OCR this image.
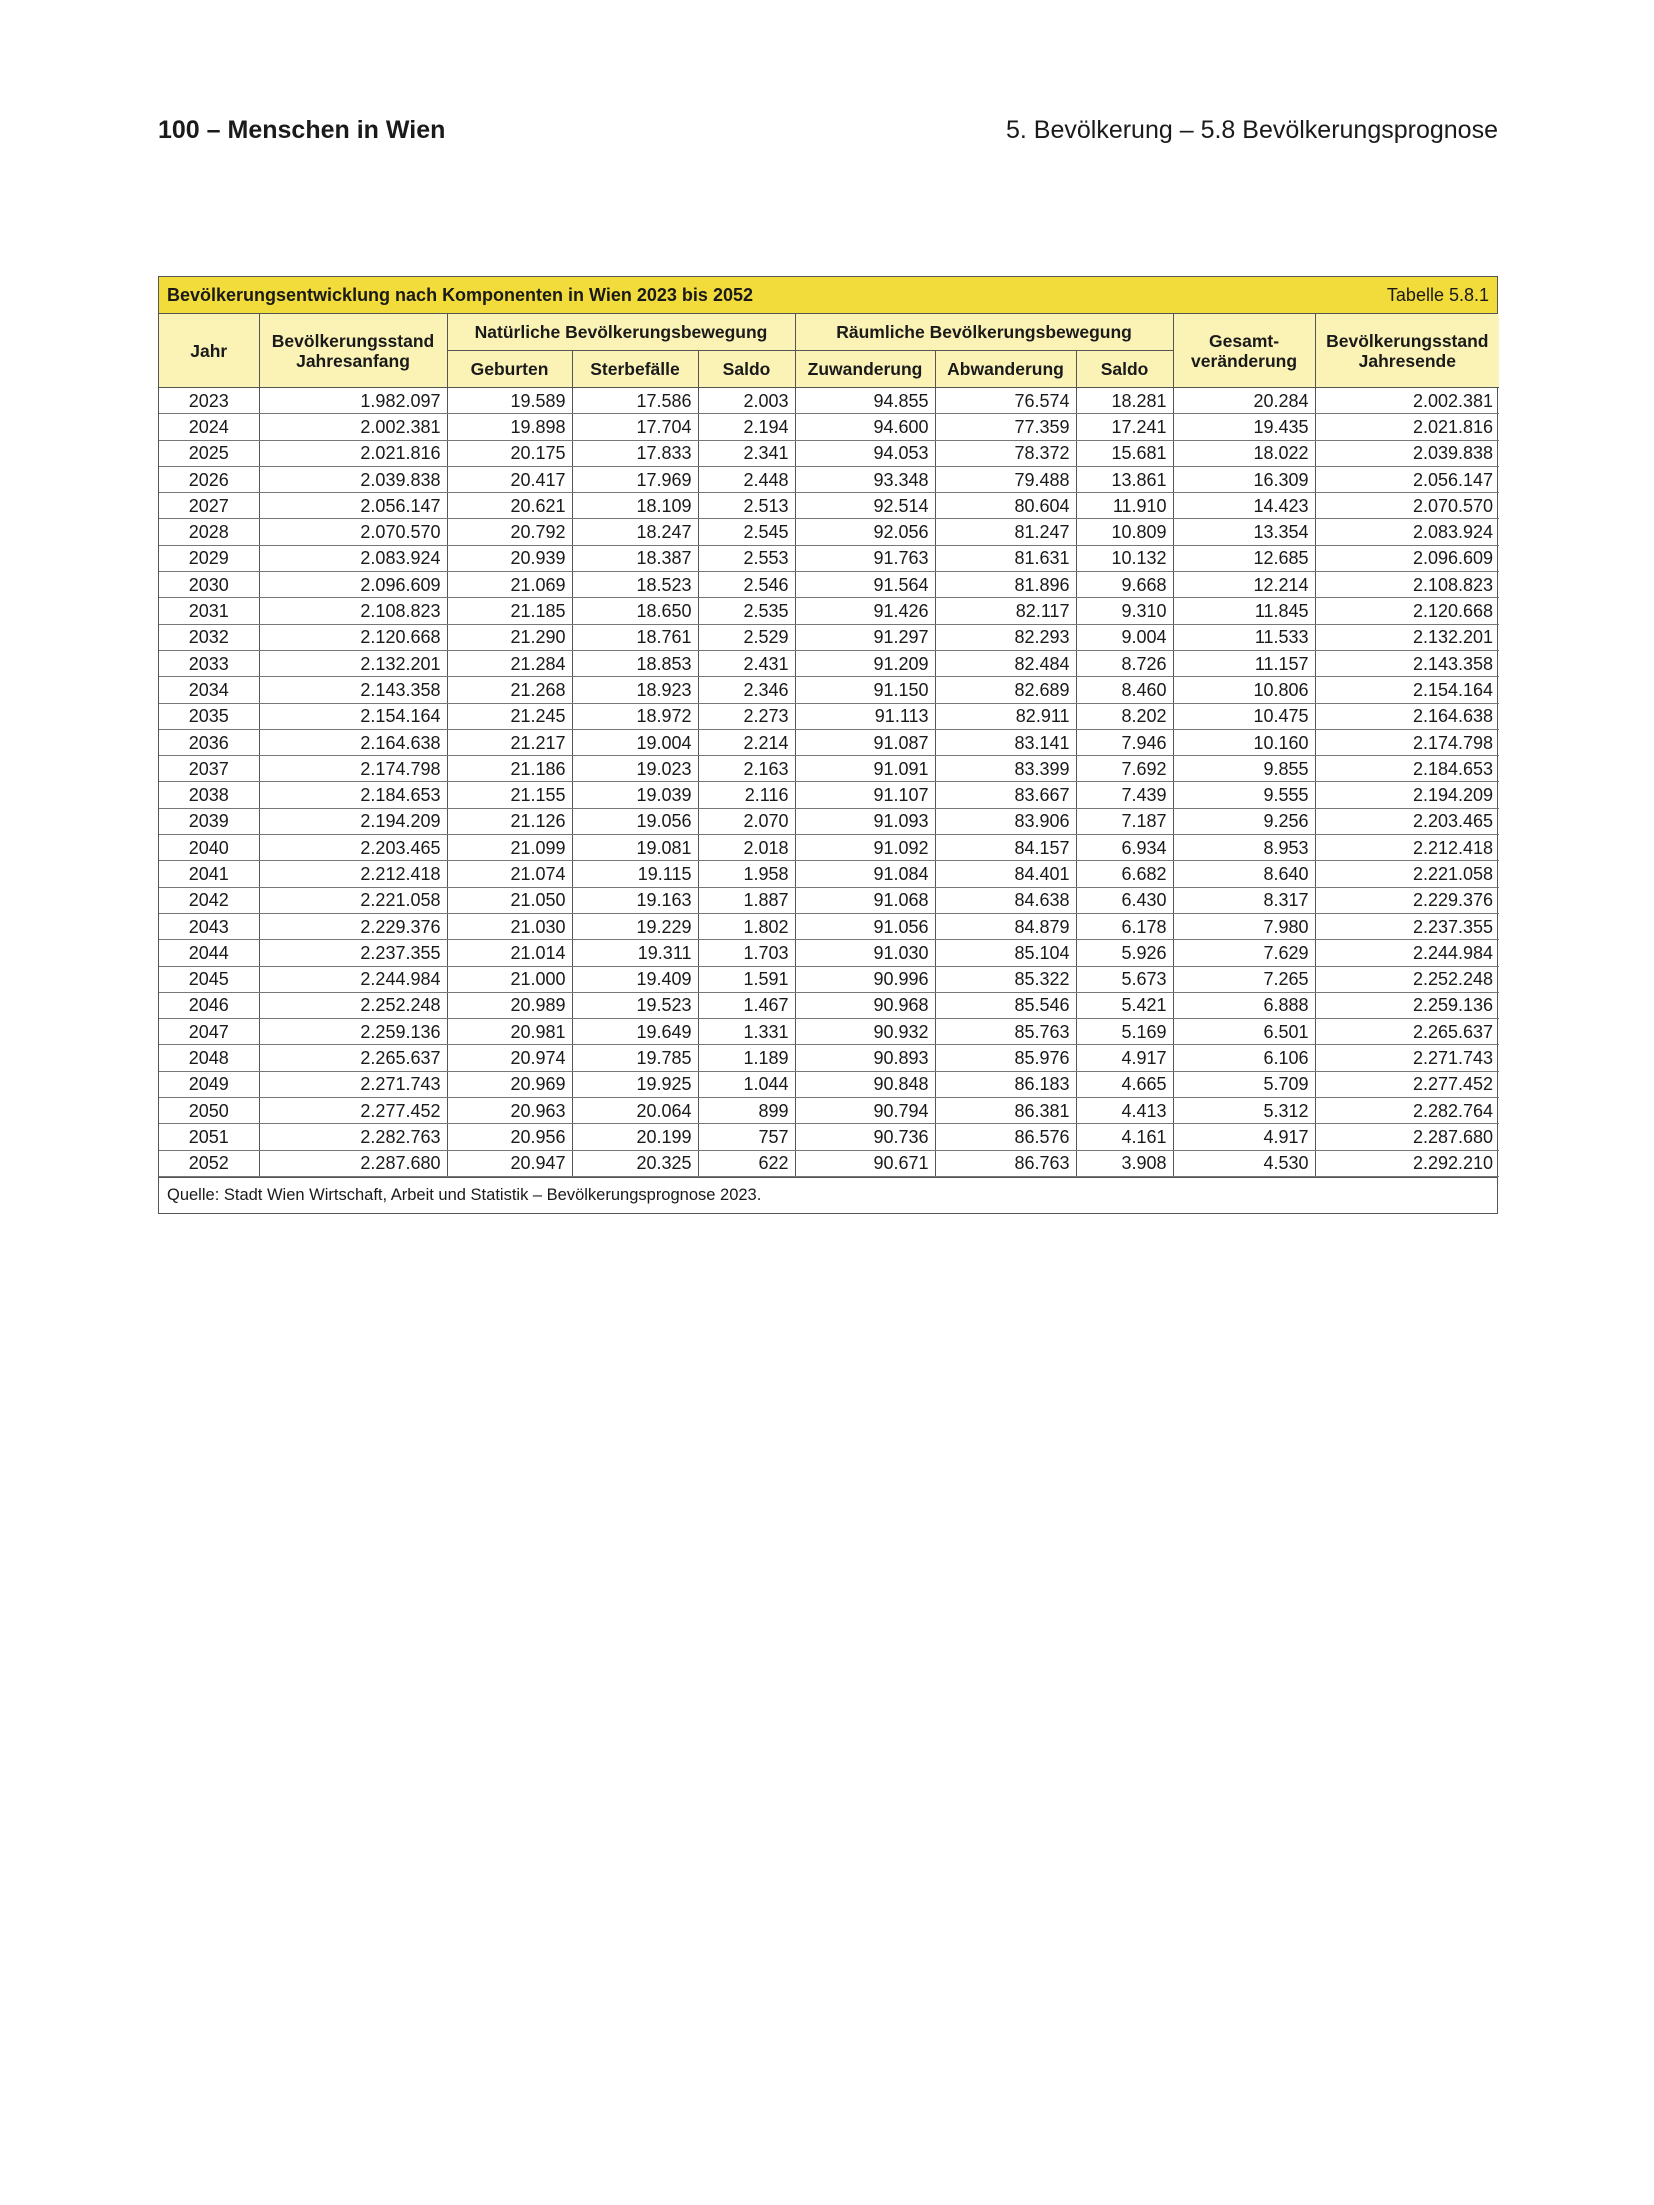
100 – Menschen in Wien	5. Bevölkerung – 5.8 Bevölkerungsprognose
Bevölkerungsentwicklung nach Komponenten in Wien 2023 bis 2052	Tabelle 5.8.1
Jahr	Bevölkerungsstand Jahresanfang	Natürliche Bevölkerungsbewegung			Räumliche Bevölkerungsbewegung			Gesamt-veränderung	Bevölkerungsstand Jahresende
		Geburten	Sterbefälle	Saldo	Zuwanderung	Abwanderung	Saldo		
2023	1.982.097	19.589	17.586	2.003	94.855	76.574	18.281	20.284	2.002.381
2024	2.002.381	19.898	17.704	2.194	94.600	77.359	17.241	19.435	2.021.816
2025	2.021.816	20.175	17.833	2.341	94.053	78.372	15.681	18.022	2.039.838
2026	2.039.838	20.417	17.969	2.448	93.348	79.488	13.861	16.309	2.056.147
2027	2.056.147	20.621	18.109	2.513	92.514	80.604	11.910	14.423	2.070.570
2028	2.070.570	20.792	18.247	2.545	92.056	81.247	10.809	13.354	2.083.924
2029	2.083.924	20.939	18.387	2.553	91.763	81.631	10.132	12.685	2.096.609
2030	2.096.609	21.069	18.523	2.546	91.564	81.896	9.668	12.214	2.108.823
2031	2.108.823	21.185	18.650	2.535	91.426	82.117	9.310	11.845	2.120.668
2032	2.120.668	21.290	18.761	2.529	91.297	82.293	9.004	11.533	2.132.201
2033	2.132.201	21.284	18.853	2.431	91.209	82.484	8.726	11.157	2.143.358
2034	2.143.358	21.268	18.923	2.346	91.150	82.689	8.460	10.806	2.154.164
2035	2.154.164	21.245	18.972	2.273	91.113	82.911	8.202	10.475	2.164.638
2036	2.164.638	21.217	19.004	2.214	91.087	83.141	7.946	10.160	2.174.798
2037	2.174.798	21.186	19.023	2.163	91.091	83.399	7.692	9.855	2.184.653
2038	2.184.653	21.155	19.039	2.116	91.107	83.667	7.439	9.555	2.194.209
2039	2.194.209	21.126	19.056	2.070	91.093	83.906	7.187	9.256	2.203.465
2040	2.203.465	21.099	19.081	2.018	91.092	84.157	6.934	8.953	2.212.418
2041	2.212.418	21.074	19.115	1.958	91.084	84.401	6.682	8.640	2.221.058
2042	2.221.058	21.050	19.163	1.887	91.068	84.638	6.430	8.317	2.229.376
2043	2.229.376	21.030	19.229	1.802	91.056	84.879	6.178	7.980	2.237.355
2044	2.237.355	21.014	19.311	1.703	91.030	85.104	5.926	7.629	2.244.984
2045	2.244.984	21.000	19.409	1.591	90.996	85.322	5.673	7.265	2.252.248
2046	2.252.248	20.989	19.523	1.467	90.968	85.546	5.421	6.888	2.259.136
2047	2.259.136	20.981	19.649	1.331	90.932	85.763	5.169	6.501	2.265.637
2048	2.265.637	20.974	19.785	1.189	90.893	85.976	4.917	6.106	2.271.743
2049	2.271.743	20.969	19.925	1.044	90.848	86.183	4.665	5.709	2.277.452
2050	2.277.452	20.963	20.064	899	90.794	86.381	4.413	5.312	2.282.764
2051	2.282.763	20.956	20.199	757	90.736	86.576	4.161	4.917	2.287.680
2052	2.287.680	20.947	20.325	622	90.671	86.763	3.908	4.530	2.292.210
Quelle: Stadt Wien Wirtschaft, Arbeit und Statistik – Bevölkerungsprognose 2023.
